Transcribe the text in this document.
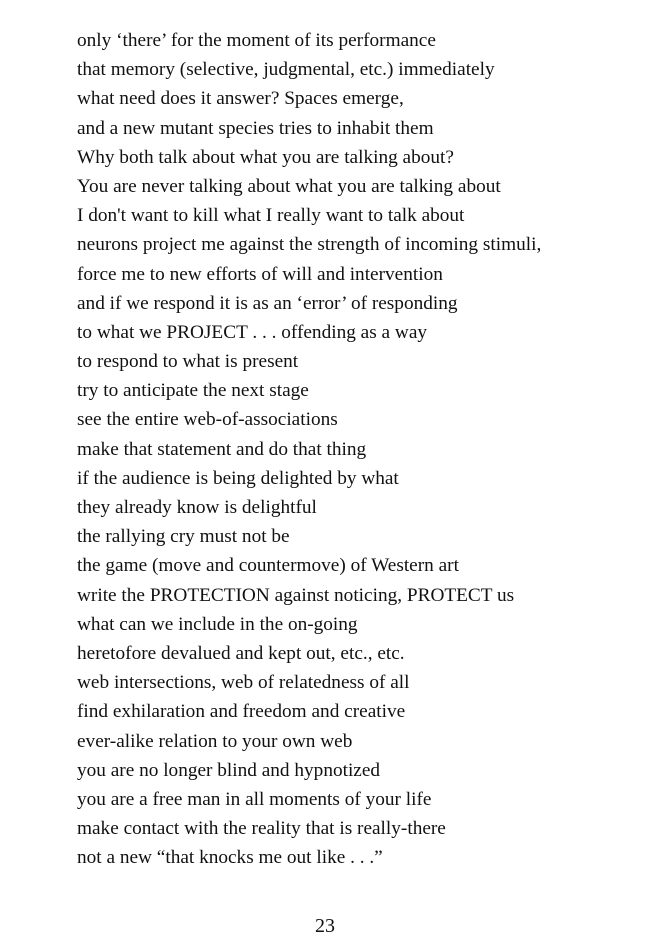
only ‘there’ for the moment of its performance
that memory (selective, judgmental, etc.) immediately
what need does it answer? Spaces emerge,
and a new mutant species tries to inhabit them
Why both talk about what you are talking about?
You are never talking about what you are talking about
I don't want to kill what I really want to talk about
neurons project me against the strength of incoming stimuli,
force me to new efforts of will and intervention
and if we respond it is as an ‘error’ of responding
to what we PROJECT . . . offending as a way
to respond to what is present
try to anticipate the next stage
see the entire web-of-associations
make that statement and do that thing
if the audience is being delighted by what
they already know is delightful
the rallying cry must not be
the game (move and countermove) of Western art
write the PROTECTION against noticing, PROTECT us
what can we include in the on-going
heretofore devalued and kept out, etc., etc.
web intersections, web of relatedness of all
find exhilaration and freedom and creative
ever-alike relation to your own web
you are no longer blind and hypnotized
you are a free man in all moments of your life
make contact with the reality that is really-there
not a new “that knocks me out like . . .”
23
